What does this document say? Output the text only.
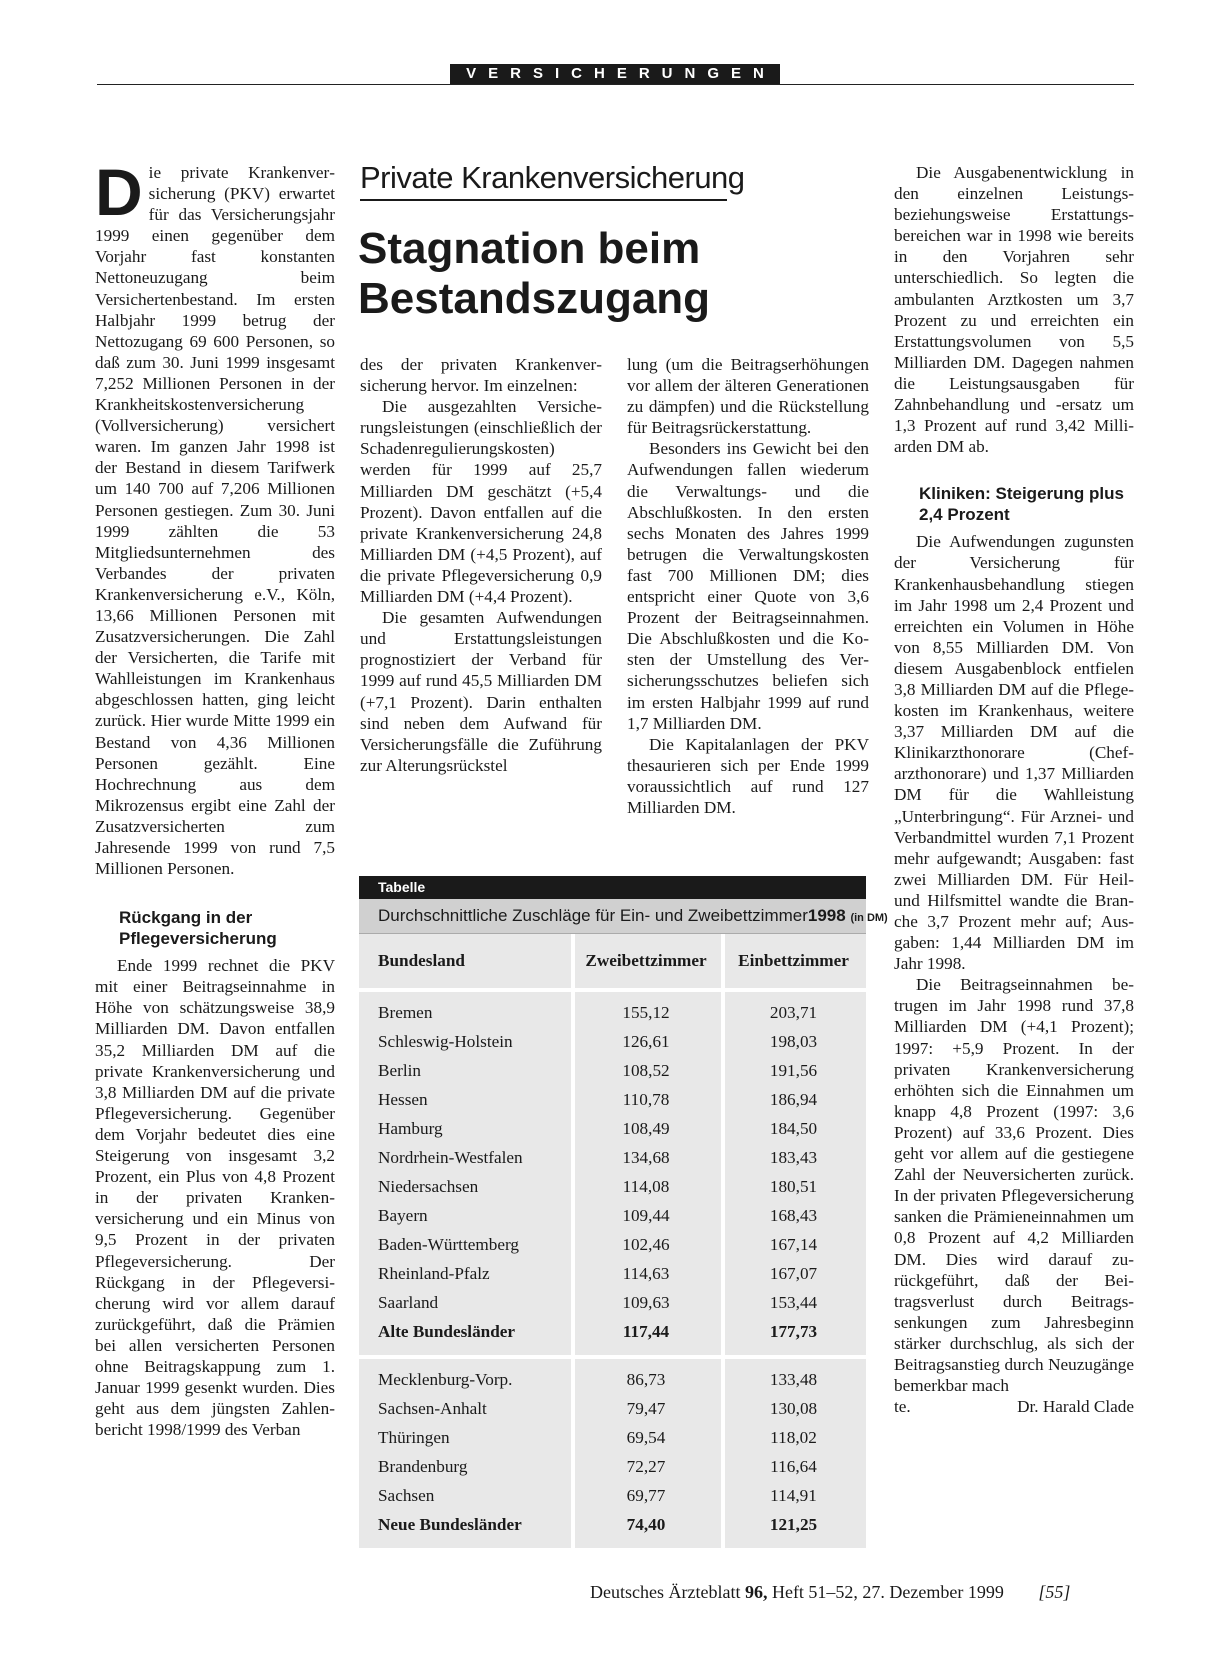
VERSICHERUNGEN
Private Krankenversicherung
Stagnation beim
Bestandszugang

Die private Krankenversicherung (PKV) erwartet für das Versicherungsjahr 1999 einen gegenüber dem Vorjahr fast konstanten Nettoneuzugang beim Versichertenbestand. Im ersten Halbjahr 1999 betrug der Nettozugang 69 600 Personen, so daß zum 30. Juni 1999 insgesamt 7,252 Millionen Personen in der Krankheitskostenversicherung (Vollversicherung) versichert waren. Im ganzen Jahr 1998 ist der Bestand in diesem Tarifwerk um 140 700 auf 7,206 Millionen Personen gestiegen. Zum 30. Juni 1999 zählten die 53 Mitgliedsunternehmen des Verbandes der privaten Krankenversicherung e.V., Köln, 13,66 Millionen Personen mit Zusatzversicherungen. Die Zahl der Versicherten, die Tarife mit Wahlleistungen im Krankenhaus abgeschlossen hatten, ging leicht zurück. Hier wurde Mitte 1999 ein Bestand von 4,36 Millionen Personen gezählt. Eine Hochrechnung aus dem Mikrozensus ergibt eine Zahl der Zusatzversicherten zum Jahresende 1999 von rund 7,5 Millionen Personen.

Rückgang in der Pflegeversicherung

Ende 1999 rechnet die PKV mit einer Beitragseinnahme in Höhe von schätzungsweise 38,9 Milliarden DM. Davon entfallen 35,2 Milliarden DM auf die private Krankenversicherung und 3,8 Milliarden DM auf die private Pflegeversicherung. Gegenüber dem Vorjahr bedeutet dies eine Steigerung von insgesamt 3,2 Prozent, ein Plus von 4,8 Prozent in der privaten Krankenversicherung und ein Minus von 9,5 Prozent in der privaten Pflegeversicherung. Der Rückgang in der Pflegeversicherung wird vor allem darauf zurückgeführt, daß die Prämien bei allen versicherten Personen ohne Beitragskappung zum 1. Januar 1999 gesenkt wurden. Dies geht aus dem jüngsten Zahlenbericht 1998/1999 des Verban

des der privaten Krankenversicherung hervor. Im einzelnen:

Die ausgezahlten Versicherungsleistungen (einschließlich der Schadenregulierungskosten) werden für 1999 auf 25,7 Milliarden DM geschätzt (+5,4 Prozent). Davon entfallen auf die private Krankenversicherung 24,8 Milliarden DM (+4,5 Prozent), auf die private Pflegeversicherung 0,9 Milliarden DM (+4,4 Prozent).

Die gesamten Aufwendungen und Erstattungsleistungen prognostiziert der Verband für 1999 auf rund 45,5 Milliarden DM (+7,1 Prozent). Darin enthalten sind neben dem Aufwand für Versicherungsfälle die Zuführung zur Alterungsrückstel

lung (um die Beitragserhöhungen vor allem der älteren Generationen zu dämpfen) und die Rückstellung für Beitragsrückerstattung.

Besonders ins Gewicht bei den Aufwendungen fallen wiederum die Verwaltungs- und die Abschlußkosten. In den ersten sechs Monaten des Jahres 1999 betrugen die Verwaltungskosten fast 700 Millionen DM; dies entspricht einer Quote von 3,6 Prozent der Beitragseinnahmen. Die Abschlußkosten und die Kosten der Umstellung des Versicherungsschutzes beliefen sich im ersten Halbjahr 1999 auf rund 1,7 Milliarden DM.

Die Kapitalanlagen der PKV thesaurieren sich per Ende 1999 voraussichtlich auf rund 127 Milliarden DM.

Die Ausgabenentwicklung in den einzelnen Leistungsbeziehungsweise Erstattungsbereichen war in 1998 wie bereits in den Vorjahren sehr unterschiedlich. So legten die ambulanten Arztkosten um 3,7 Prozent zu und erreichten ein Erstattungsvolumen von 5,5 Milliarden DM. Dagegen nahmen die Leistungsausgaben für Zahnbehandlung und -ersatz um 1,3 Prozent auf rund 3,42 Milliarden DM ab.

Kliniken: Steigerung plus 2,4 Prozent

Die Aufwendungen zugunsten der Versicherung für Krankenhausbehandlung stiegen im Jahr 1998 um 2,4 Prozent und erreichten ein Volumen in Höhe von 8,55 Milliarden DM. Von diesem Ausgabenblock entfielen 3,8 Milliarden DM auf die Pflegekosten im Krankenhaus, weitere 3,37 Milliarden DM auf die Klinikarzthonorare (Chefarzthonorare) und 1,37 Milliarden DM für die Wahlleistung „Unterbringung“. Für Arznei- und Verbandmittel wurden 7,1 Prozent mehr aufgewandt; Ausgaben: fast zwei Milliarden DM. Für Heil- und Hilfsmittel wandte die Branche 3,7 Prozent mehr auf; Ausgaben: 1,44 Milliarden DM im Jahr 1998.

Die Beitragseinnahmen betrugen im Jahr 1998 rund 37,8 Milliarden DM (+4,1 Prozent); 1997: +5,9 Prozent. In der privaten Krankenversicherung erhöhten sich die Einnahmen um knapp 4,8 Prozent (1997: 3,6 Prozent) auf 33,6 Prozent. Dies geht vor allem auf die gestiegene Zahl der Neuversicherten zurück. In der privaten Pflegeversicherung sanken die Prämieneinnahmen um 0,8 Prozent auf 4,2 Milliarden DM. Dies wird darauf zurückgeführt, daß der Beitragsverlust durch Beitragssenkungen zum Jahresbeginn stärker durchschlug, als sich der Beitragsanstieg durch Neuzugänge bemerkbar mach

te.	Dr. Harald Clade
Tabelle
Durchschnittliche Zuschläge für Ein- und Zweibettzimmer1998 (in DM)
Bundesland	Zweibettzimmer	Einbettzimmer
Bremen	155,12	203,71
Schleswig-Holstein	126,61	198,03
Berlin	108,52	191,56
Hessen	110,78	186,94
Hamburg	108,49	184,50
Nordrhein-Westfalen	134,68	183,43
Niedersachsen	114,08	180,51
Bayern	109,44	168,43
Baden-Württemberg	102,46	167,14
Rheinland-Pfalz	114,63	167,07
Saarland	109,63	153,44
Alte Bundesländer	117,44	177,73
Mecklenburg-Vorp.	86,73	133,48
Sachsen-Anhalt	79,47	130,08
Thüringen	69,54	118,02
Brandenburg	72,27	116,64
Sachsen	69,77	114,91
Neue Bundesländer	74,40	121,25
Deutsches Ärzteblatt 96, Heft 51–52, 27. Dezember 1999 [55]
